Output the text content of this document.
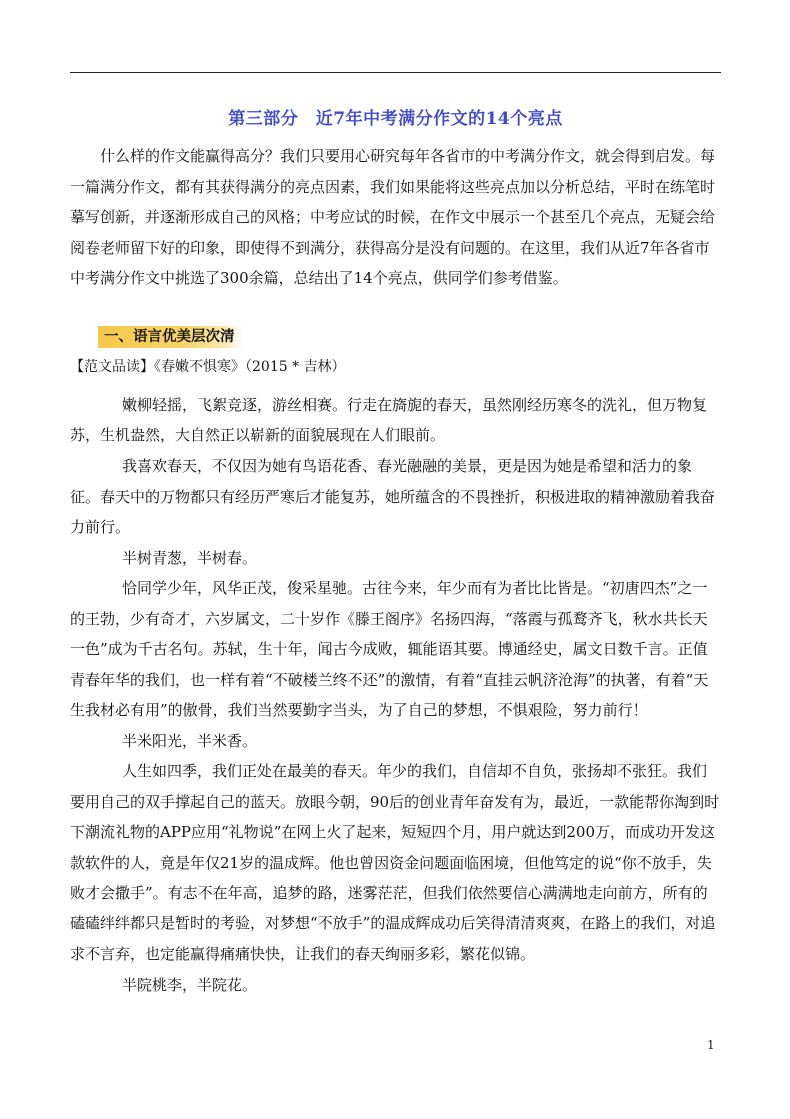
第三部分　近7年中考满分作文的14个亮点

什么样的作文能赢得高分？我们只要用心研究每年各省市的中考满分作文，就会得到启发。每一篇满分作文，都有其获得满分的亮点因素，我们如果能将这些亮点加以分析总结，平时在练笔时摹写创新，并逐渐形成自己的风格；中考应试的时候，在作文中展示一个甚至几个亮点，无疑会给阅卷老师留下好的印象，即使得不到满分，获得高分是没有问题的。在这里，我们从近7年各省市中考满分作文中挑选了300余篇，总结出了14个亮点，供同学们参考借鉴。

一、语言优美层次清
【范文品读】《春嫩不惧寒》（2015 * 吉林）

嫩柳轻摇，飞絮竞逐，游丝相赛。行走在旖旎的春天，虽然刚经历寒冬的洗礼，但万物复苏，生机盎然，大自然正以崭新的面貌展现在人们眼前。

我喜欢春天，不仅因为她有鸟语花香、春光融融的美景，更是因为她是希望和活力的象征。春天中的万物都只有经历严寒后才能复苏，她所蕴含的不畏挫折，积极进取的精神激励着我奋力前行。

半树青葱，半树春。

恰同学少年，风华正茂，俊采星驰。古往今来，年少而有为者比比皆是。“初唐四杰”之一的王勃，少有奇才，六岁属文，二十岁作《滕王阁序》名扬四海，“落霞与孤鹜齐飞，秋水共长天一色”成为千古名句。苏轼，生十年，闻古今成败，辄能语其要。博通经史，属文日数千言。正值青春年华的我们，也一样有着“不破楼兰终不还”的激情，有着“直挂云帆济沧海”的执著，有着“天生我材必有用”的傲骨，我们当然要勤字当头，为了自己的梦想，不惧艰险，努力前行！

半米阳光，半米香。

人生如四季，我们正处在最美的春天。年少的我们，自信却不自负，张扬却不张狂。我们要用自己的双手撑起自己的蓝天。放眼今朝，90后的创业青年奋发有为，最近，一款能帮你淘到时下潮流礼物的APP应用“礼物说”在网上火了起来，短短四个月，用户就达到200万，而成功开发这款软件的人，竟是年仅21岁的温成辉。他也曾因资金问题面临困境，但他笃定的说“你不放手，失败才会撒手”。有志不在年高，追梦的路，迷雾茫茫，但我们依然要信心满满地走向前方，所有的磕磕绊绊都只是暂时的考验，对梦想“不放手”的温成辉成功后笑得清清爽爽，在路上的我们，对追求不言弃，也定能赢得痛痛快快，让我们的春天绚丽多彩，繁花似锦。

半院桃李，半院花。

1
